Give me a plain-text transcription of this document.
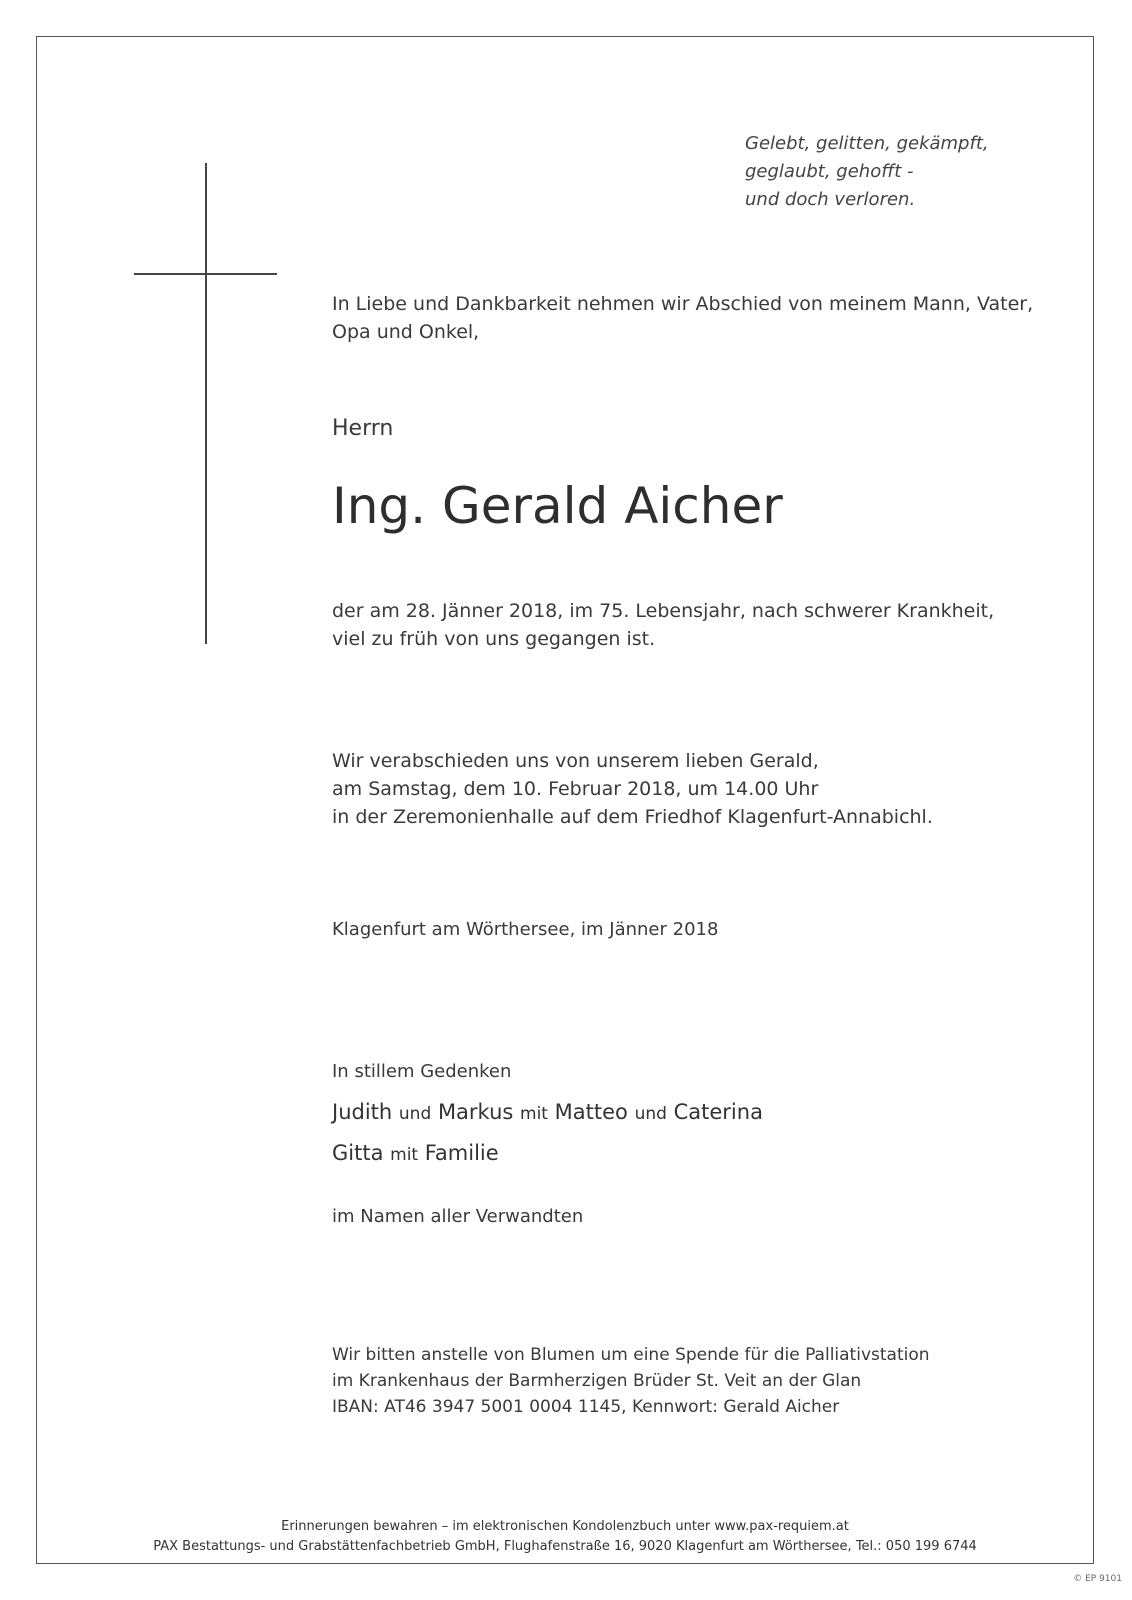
Gelebt, gelitten, gekämpft,
geglaubt, gehofft -
und doch verloren.
In Liebe und Dankbarkeit nehmen wir Abschied von meinem Mann, Vater,
Opa und Onkel,
Herrn
Ing. Gerald Aicher
der am 28. Jänner 2018, im 75. Lebensjahr, nach schwerer Krankheit,
viel zu früh von uns gegangen ist.
Wir verabschieden uns von unserem lieben Gerald,
am Samstag, dem 10. Februar 2018, um 14.00 Uhr
in der Zeremonienhalle auf dem Friedhof Klagenfurt-Annabichl.
Klagenfurt am Wörthersee, im Jänner 2018
In stillem Gedenken
Judith und Markus mit Matteo und Caterina
Gitta mit Familie
im Namen aller Verwandten
Wir bitten anstelle von Blumen um eine Spende für die Palliativstation
im Krankenhaus der Barmherzigen Brüder St. Veit an der Glan
IBAN: AT46 3947 5001 0004 1145, Kennwort: Gerald Aicher
Erinnerungen bewahren – im elektronischen Kondolenzbuch unter www.pax-requiem.at
PAX Bestattungs- und Grabstättenfachbetrieb GmbH, Flughafenstraße 16, 9020 Klagenfurt am Wörthersee, Tel.: 050 199 6744
© EP 9101
